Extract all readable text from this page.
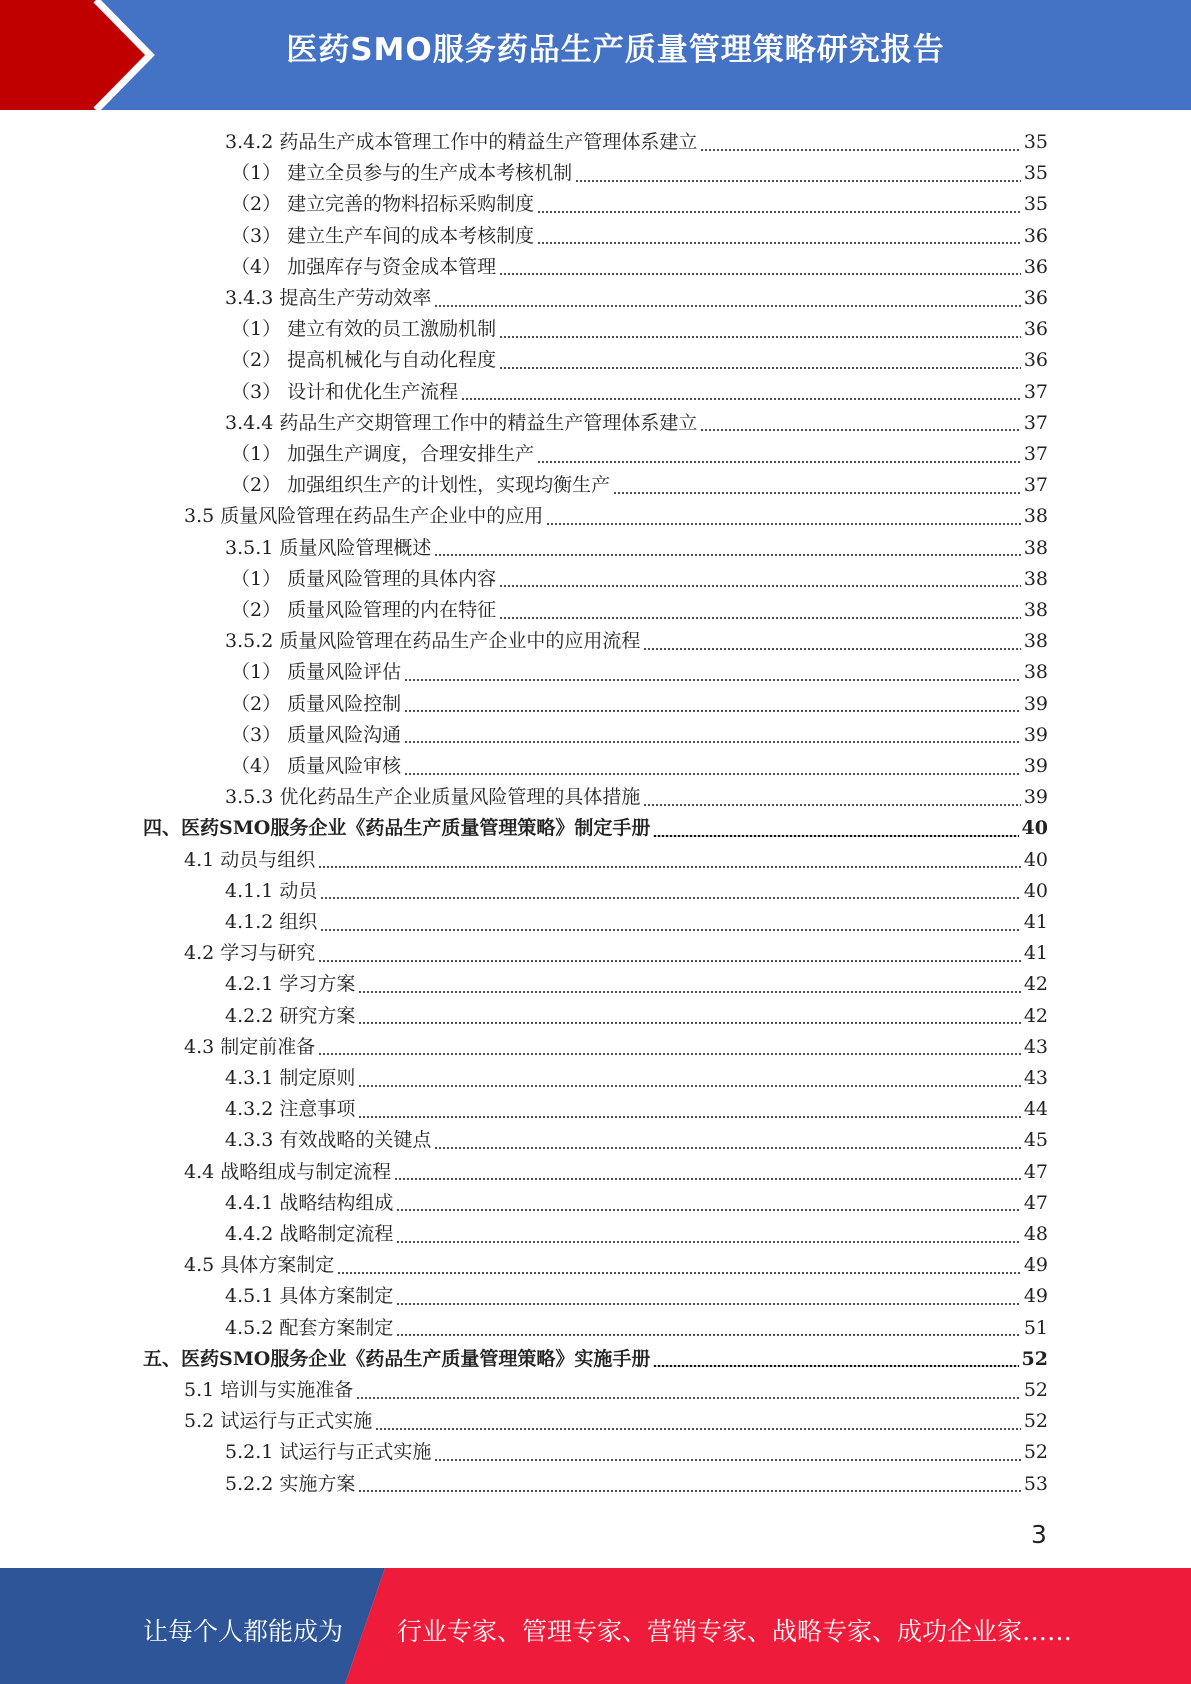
医药SMO服务药品生产质量管理策略研究报告
3.4.2 药品生产成本管理工作中的精益生产管理体系建立	35
（1） 建立全员参与的生产成本考核机制	35
（2） 建立完善的物料招标采购制度	35
（3） 建立生产车间的成本考核制度	36
（4） 加强库存与资金成本管理	36
3.4.3 提高生产劳动效率	36
（1） 建立有效的员工激励机制	36
（2） 提高机械化与自动化程度	36
（3） 设计和优化生产流程	37
3.4.4 药品生产交期管理工作中的精益生产管理体系建立	37
（1） 加强生产调度，合理安排生产	37
（2） 加强组织生产的计划性，实现均衡生产	37
3.5 质量风险管理在药品生产企业中的应用	38
3.5.1 质量风险管理概述	38
（1） 质量风险管理的具体内容	38
（2） 质量风险管理的内在特征	38
3.5.2 质量风险管理在药品生产企业中的应用流程	38
（1） 质量风险评估	38
（2） 质量风险控制	39
（3） 质量风险沟通	39
（4） 质量风险审核	39
3.5.3 优化药品生产企业质量风险管理的具体措施	39
四、 医药SMO服务企业《药品生产质量管理策略》制定手册	40
4.1 动员与组织	40
4.1.1 动员	40
4.1.2 组织	41
4.2 学习与研究	41
4.2.1 学习方案	42
4.2.2 研究方案	42
4.3 制定前准备	43
4.3.1 制定原则	43
4.3.2 注意事项	44
4.3.3 有效战略的关键点	45
4.4 战略组成与制定流程	47
4.4.1 战略结构组成	47
4.4.2 战略制定流程	48
4.5 具体方案制定	49
4.5.1 具体方案制定	49
4.5.2 配套方案制定	51
五、 医药SMO服务企业《药品生产质量管理策略》实施手册	52
5.1 培训与实施准备	52
5.2 试运行与正式实施	52
5.2.1 试运行与正式实施	52
5.2.2 实施方案	53
3
让每个人都能成为 行业专家、管理专家、营销专家、战略专家、成功企业家……
